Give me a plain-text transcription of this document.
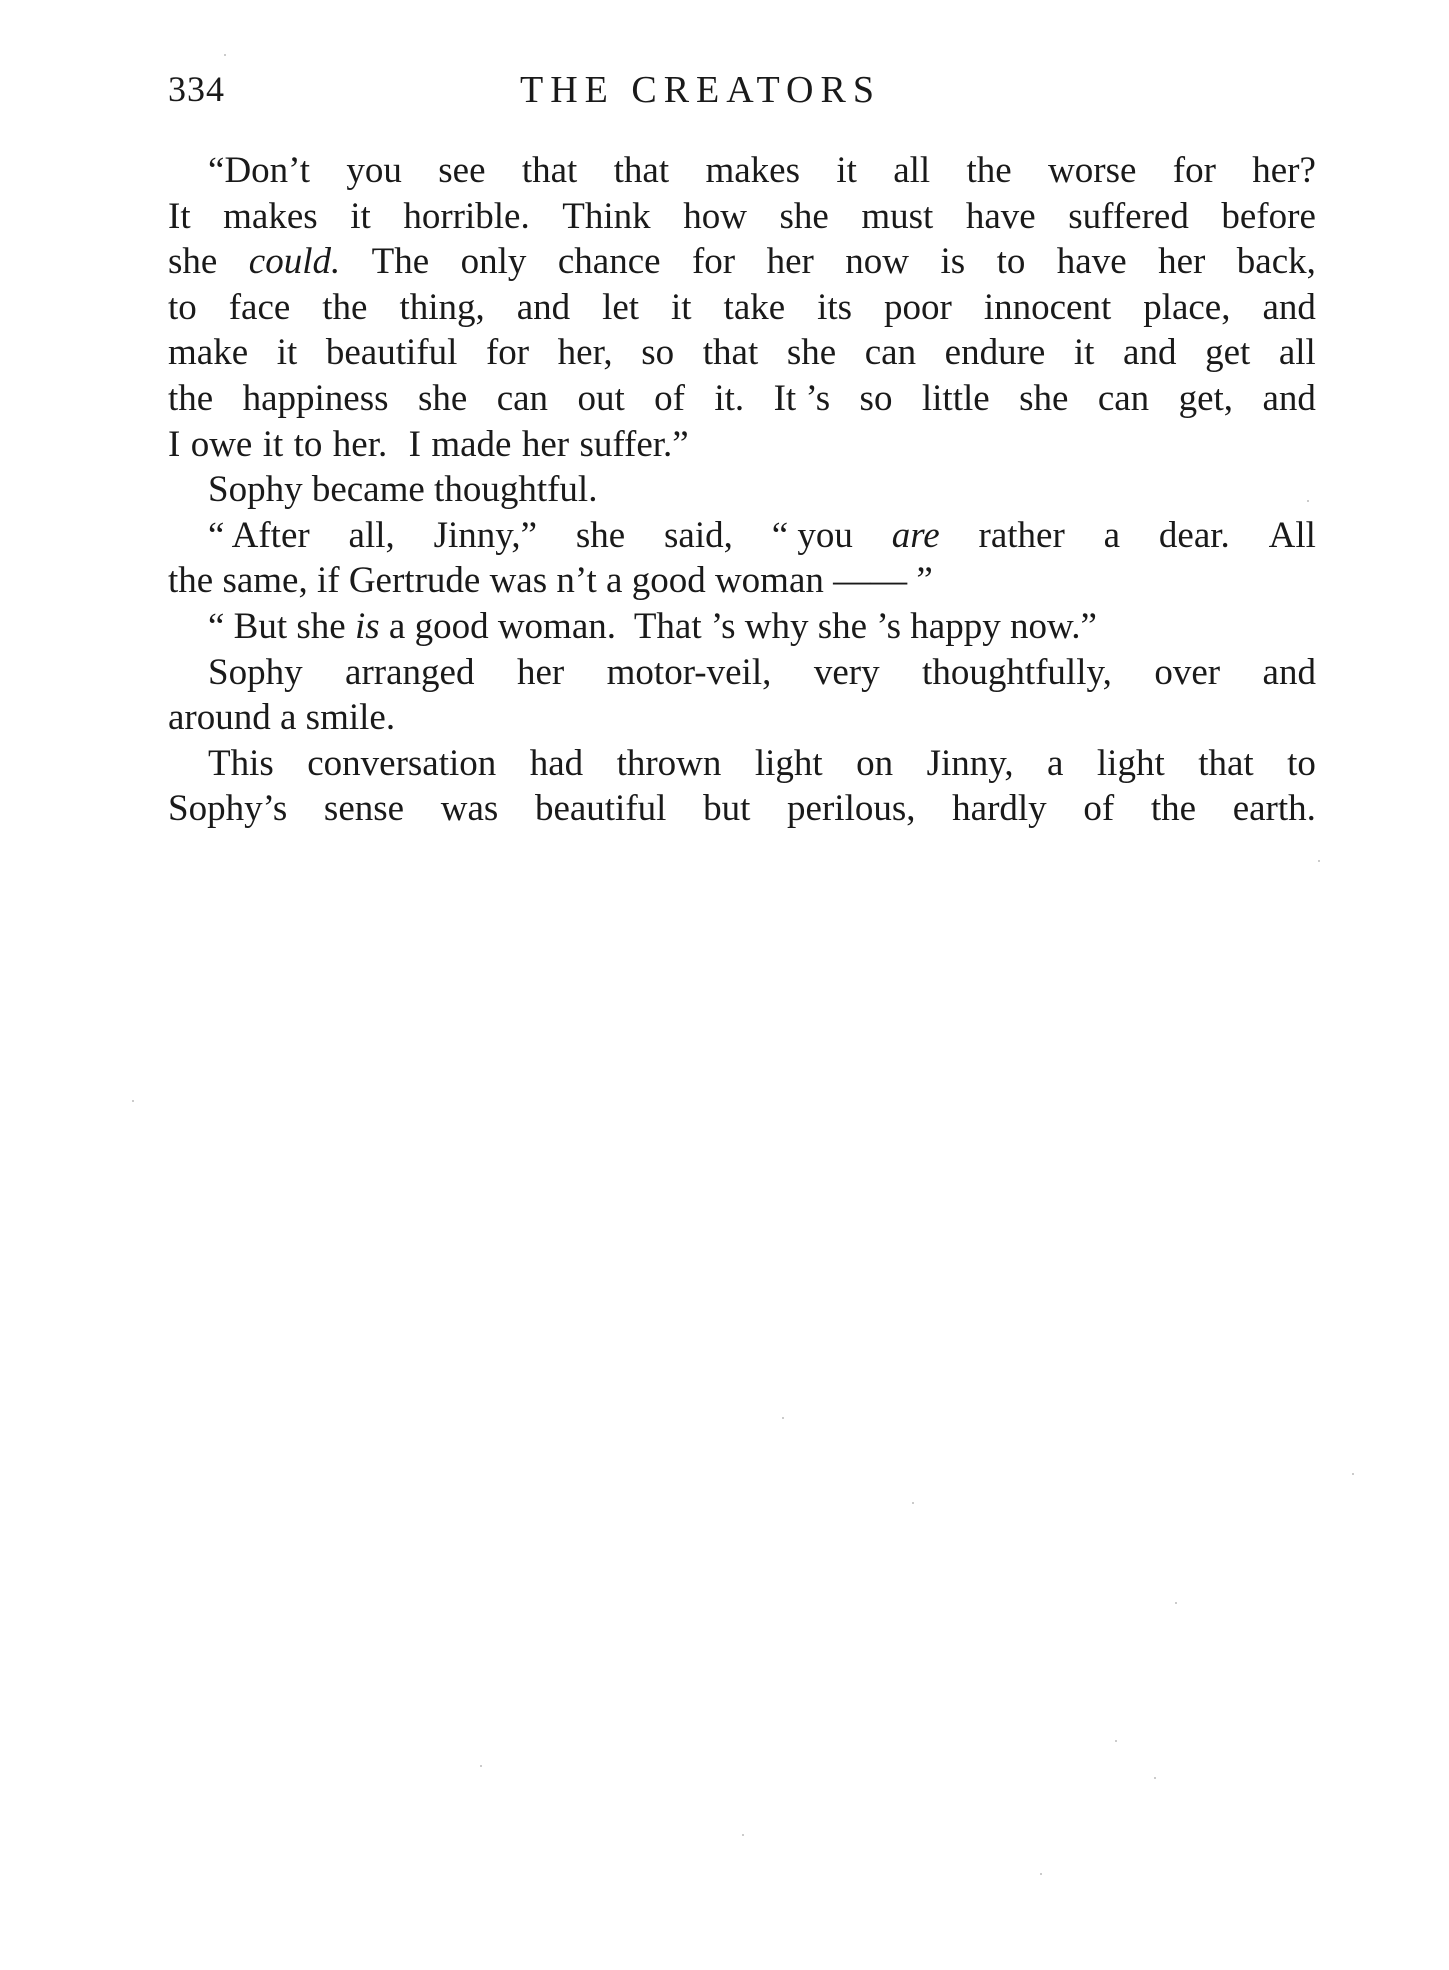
334	THE CREATORS
“Don’t you see that that makes it all the worse for her?
It makes it horrible. Think how she must have suffered before
she could. The only chance for her now is to have her back,
to face the thing, and let it take its poor innocent place, and
make it beautiful for her, so that she can endure it and get all
the happiness she can out of it. It ’s so little she can get, and
I owe it to her. I made her suffer.”
Sophy became thoughtful.
“ After all, Jinny,” she said, “ you are rather a dear. All
the same, if Gertrude was n’t a good woman —— ”
“ But she is a good woman.  That ’s why she ’s happy now.”
Sophy arranged her motor-veil, very thoughtfully, over and
around a smile.
This conversation had thrown light on Jinny, a light that to
Sophy’s sense was beautiful but perilous, hardly of the earth.
